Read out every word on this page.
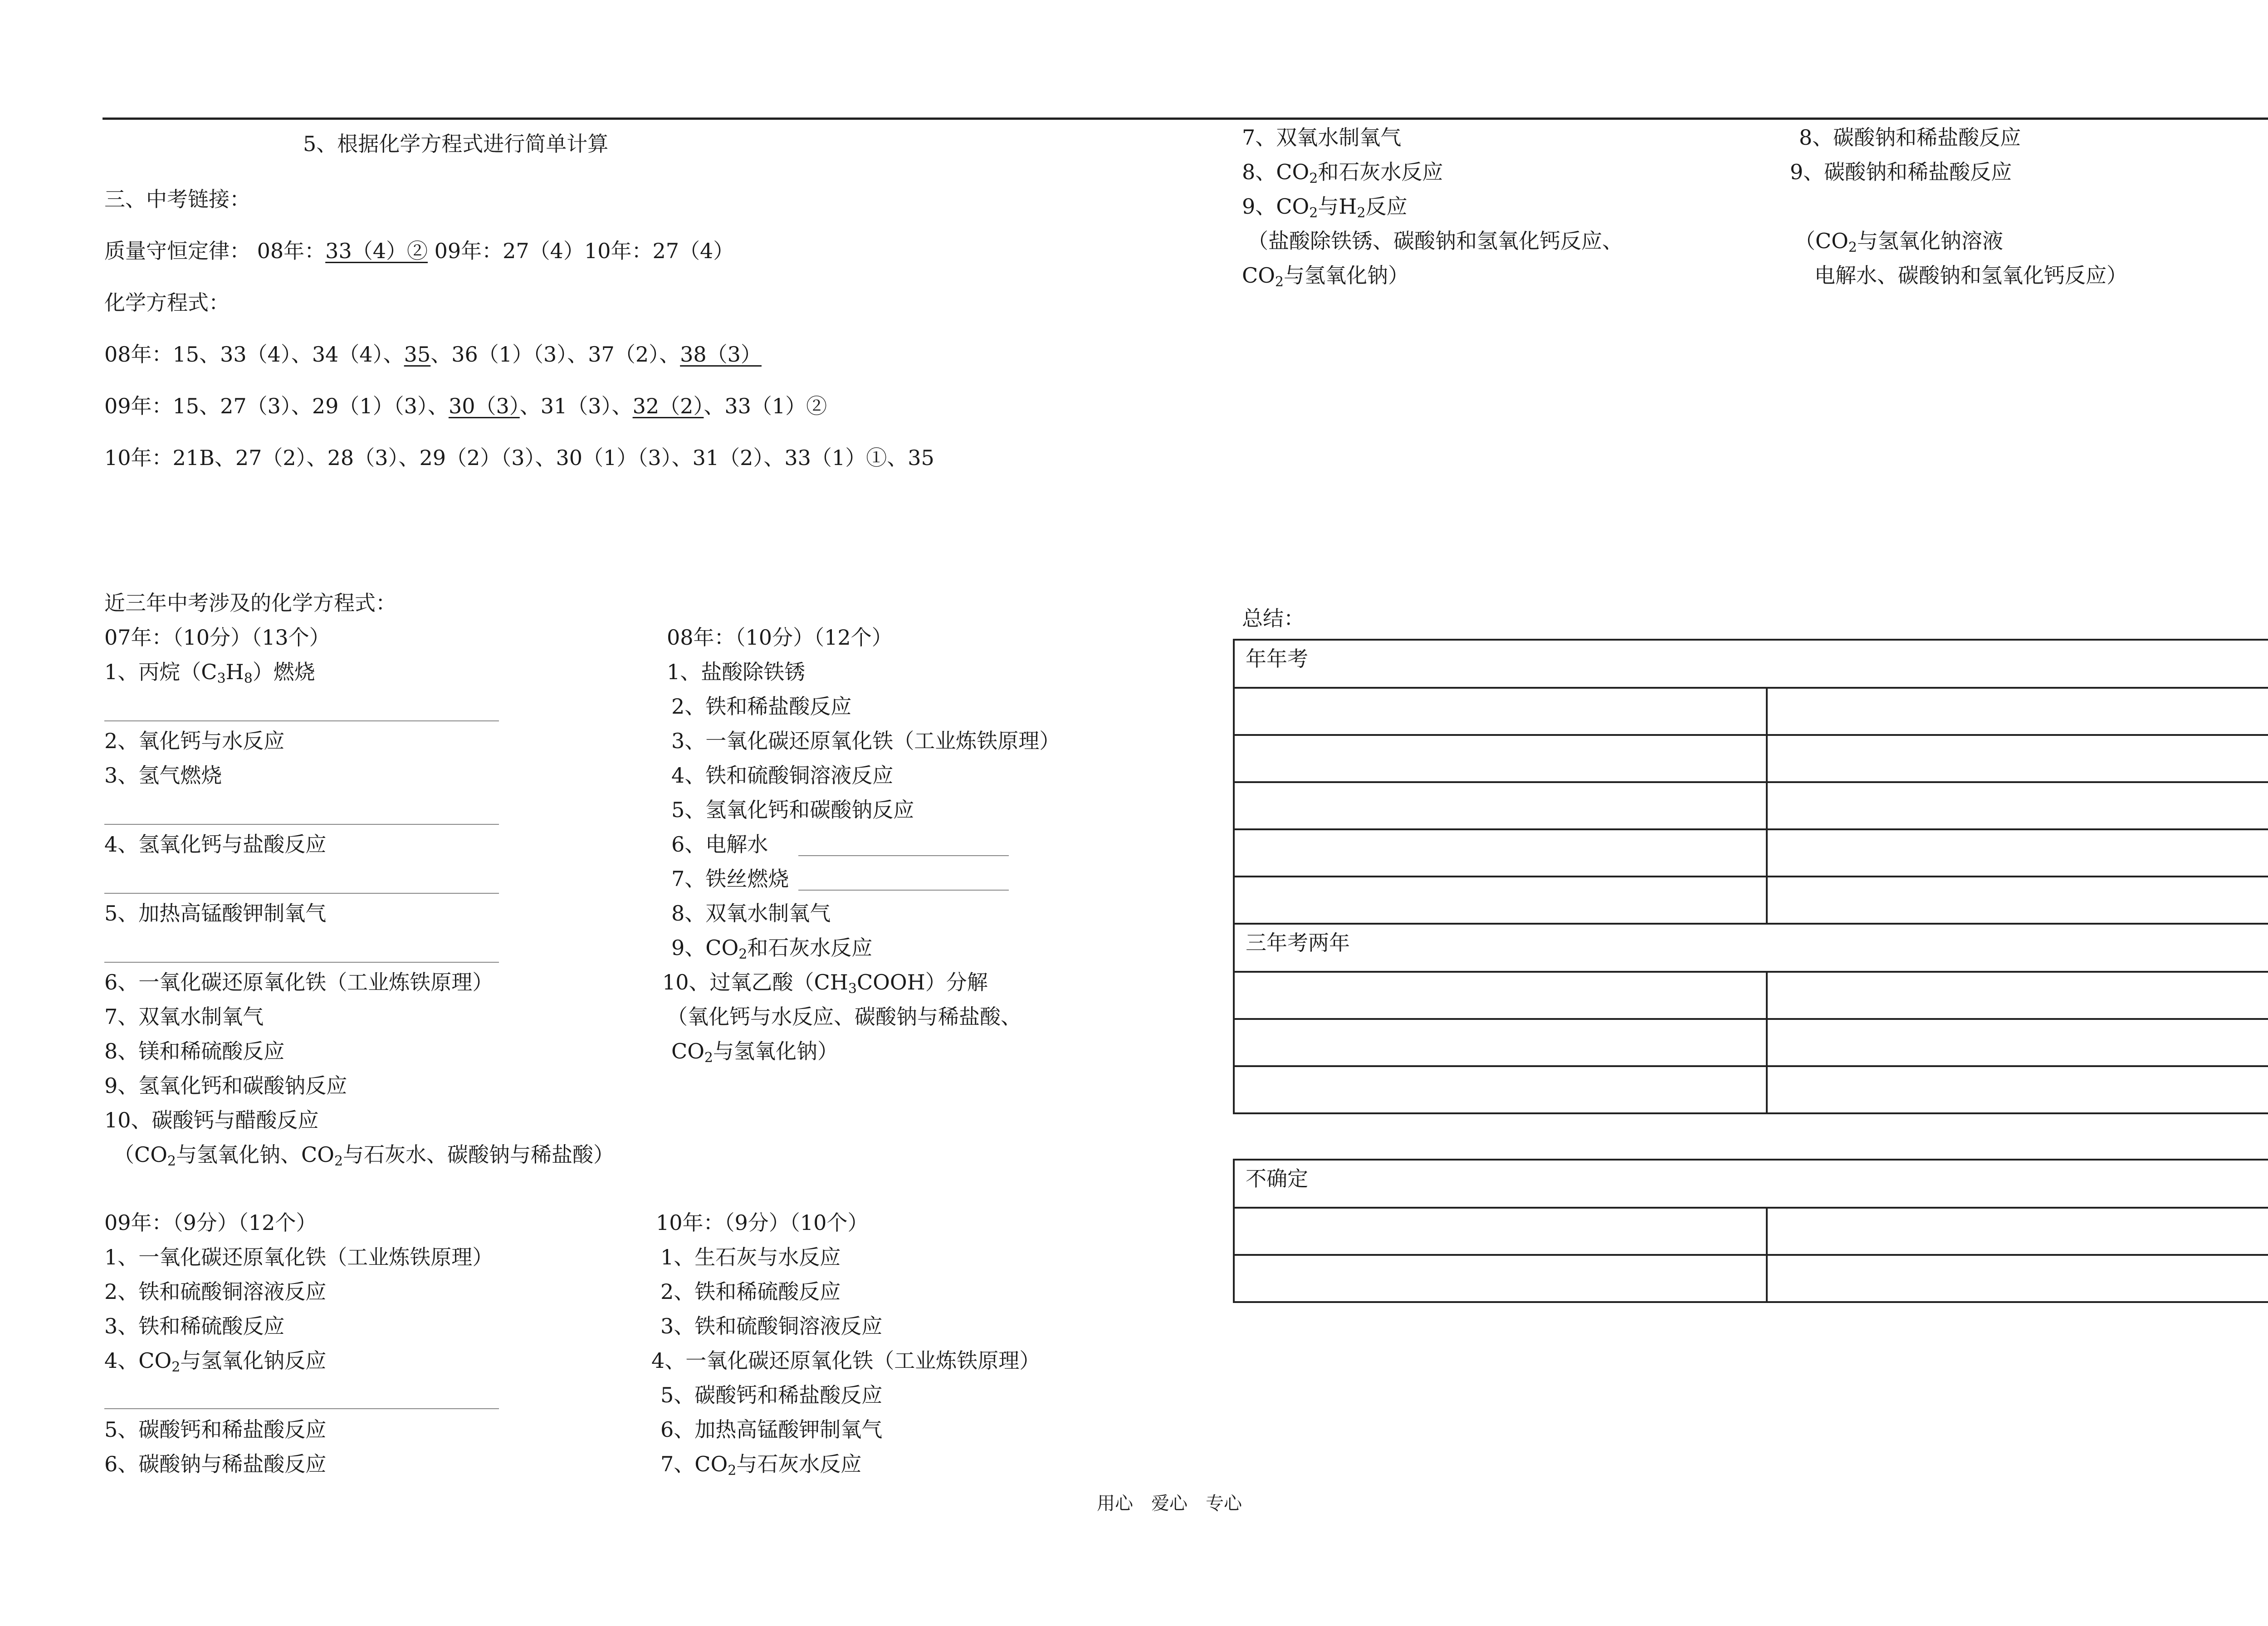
5、根据化学方程式进行简单计算
三、中考链接：
质量守恒定律： 08年：33（4）② 09年：27（4）10年：27（4）
化学方程式：
08年：15、33（4）、34（4）、35、36（1）（3）、37（2）、38（3）
09年：15、27（3）、29（1）（3）、30（3）、31（3）、32（2）、33（1）②
10年：21B、27（2）、28（3）、29（2）（3）、30（1）（3）、31（2）、33（1）①、35
7、双氧水制氧气
8、$CO_2$和石灰水反应
9、$CO_2$与$H_2$反应
（盐酸除铁锈、碳酸钠和氢氧化钙反应、
$CO_2$与氢氧化钠）
8、碳酸钠和稀盐酸反应
9、碳酸钠和稀盐酸反应
（$CO_2$与氢氧化钠溶液
电解水、碳酸钠和氢氧化钙反应）
近三年中考涉及的化学方程式：
07年：（10分）（13个）
1、丙烷$(C_3H_8)$燃烧
2、氧化钙与水反应
3、氢气燃烧
4、氢氧化钙与盐酸反应
5、加热高锰酸钾制氧气
6、一氧化碳还原氧化铁（工业炼铁原理）
7、双氧水制氧气
8、镁和稀硫酸反应
9、氢氧化钙和碳酸钠反应
10、碳酸钙与醋酸反应
（$CO_2$与氢氧化钠、$CO_2$与石灰水、碳酸钠与稀盐酸）
08年：（10分）（12个）
1、盐酸除铁锈
2、铁和稀盐酸反应
3、一氧化碳还原氧化铁（工业炼铁原理）
4、铁和硫酸铜溶液反应
5、氢氧化钙和碳酸钠反应
6、电解水
7、铁丝燃烧
8、双氧水制氧气
9、$CO_2$和石灰水反应
10、过氧乙酸$(CH_3COOH)$分解
（氧化钙与水反应、碳酸钠与稀盐酸、
$CO_2$与氢氧化钠）
09年：（9分）（12个）
1、一氧化碳还原氧化铁（工业炼铁原理）
2、铁和硫酸铜溶液反应
3、铁和稀硫酸反应
4、$CO_2$与氢氧化钠反应
5、碳酸钙和稀盐酸反应
6、碳酸钠与稀盐酸反应
10年：（9分）（10个）
1、生石灰与水反应
2、铁和稀硫酸反应
3、铁和硫酸铜溶液反应
4、一氧化碳还原氧化铁（工业炼铁原理）
5、碳酸钙和稀盐酸反应
6、加热高锰酸钾制氧气
7、$CO_2$与石灰水反应
总结：
年年考	

三年考两年	

不确定	

用心　爱心　专心
